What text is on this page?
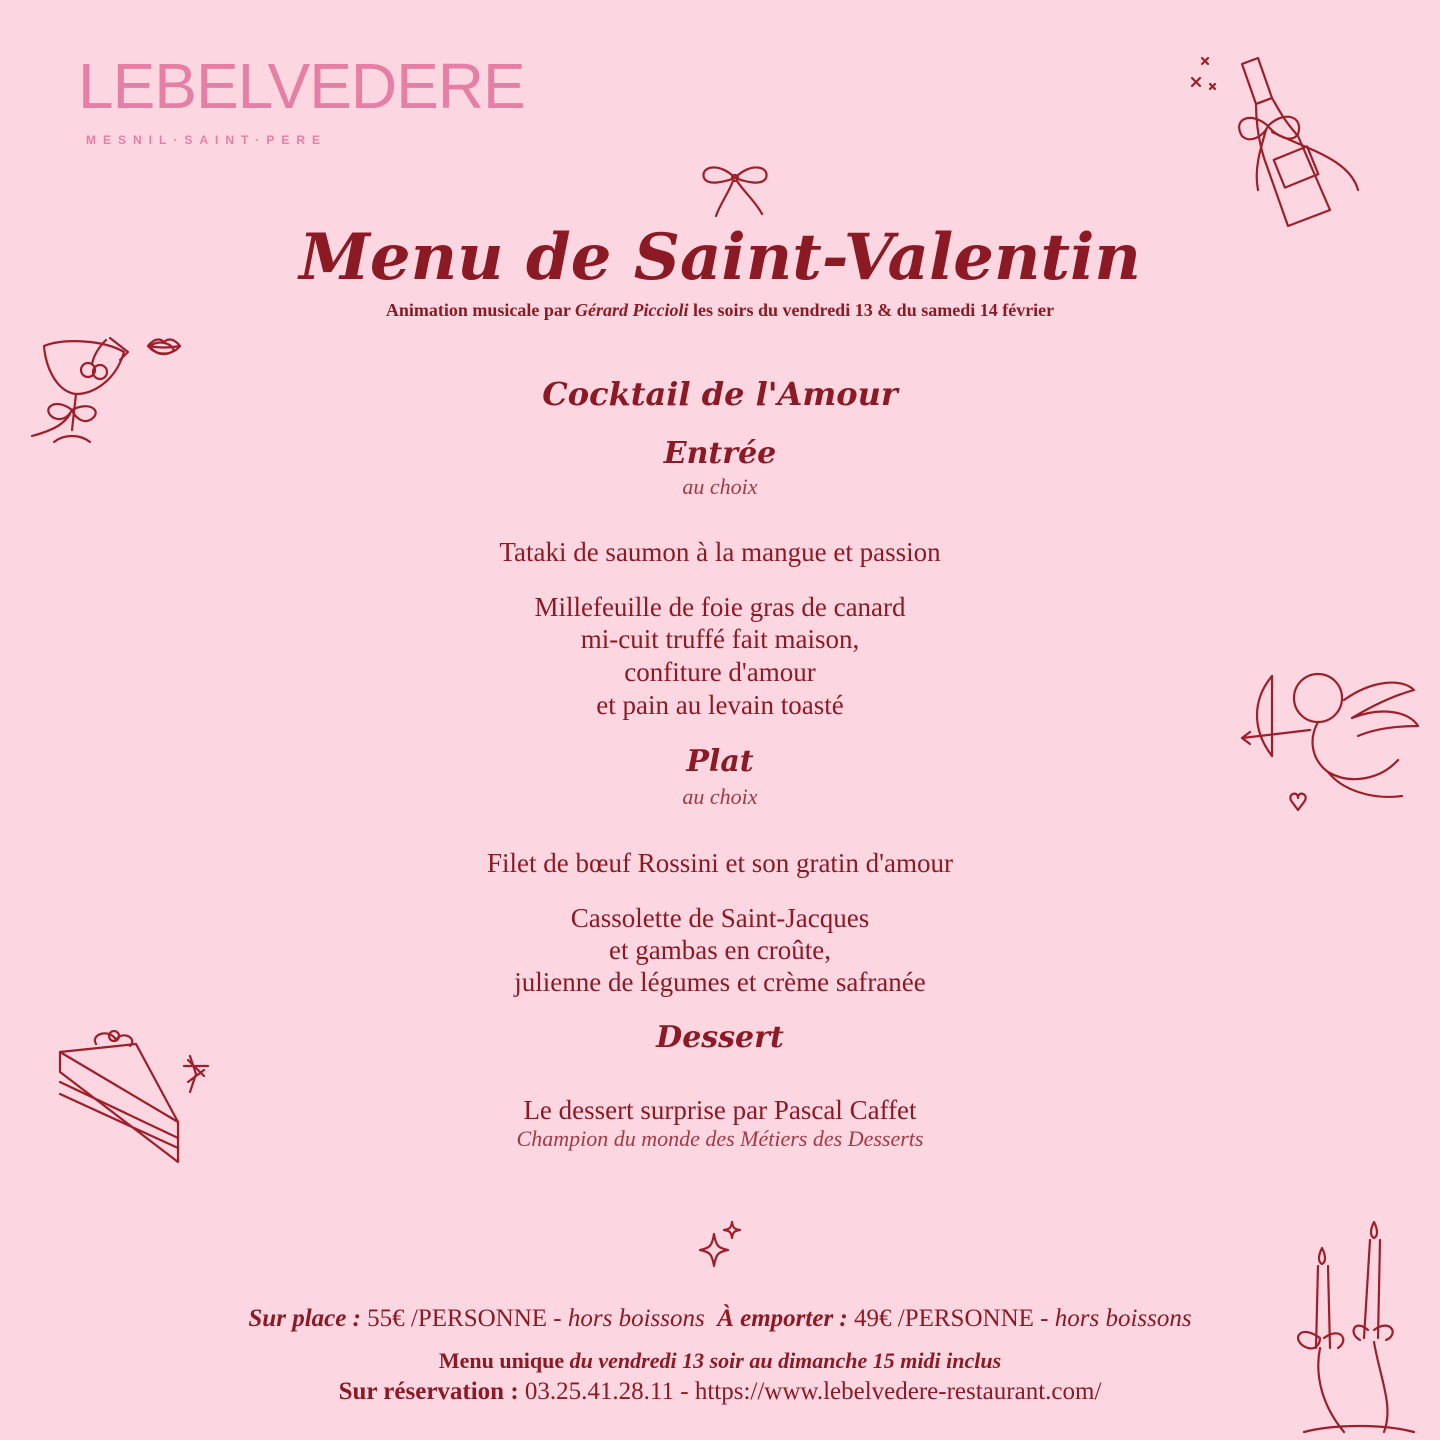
LEBELVEDERE
MESNIL·SAINT·PERE
Menu de Saint-Valentin
Animation musicale par Gérard Piccioli les soirs du vendredi 13 & du samedi 14 février
Cocktail de l'Amour
Entrée
au choix
Tataki de saumon à la mangue et passion
Millefeuille de foie gras de canard
mi-cuit truffé fait maison,
confiture d'amour
et pain au levain toasté
Plat
au choix
Filet de bœuf Rossini et son gratin d'amour
Cassolette de Saint-Jacques
et gambas en croûte,
julienne de légumes et crème safranée
Dessert
Le dessert surprise par Pascal Caffet
Champion du monde des Métiers des Desserts
Sur place : 55€ /PERSONNE - hors boissons À emporter : 49€ /PERSONNE - hors boissons
Menu unique du vendredi 13 soir au dimanche 15 midi inclus
Sur réservation : 03.25.41.28.11 - https://www.lebelvedere-restaurant.com/
